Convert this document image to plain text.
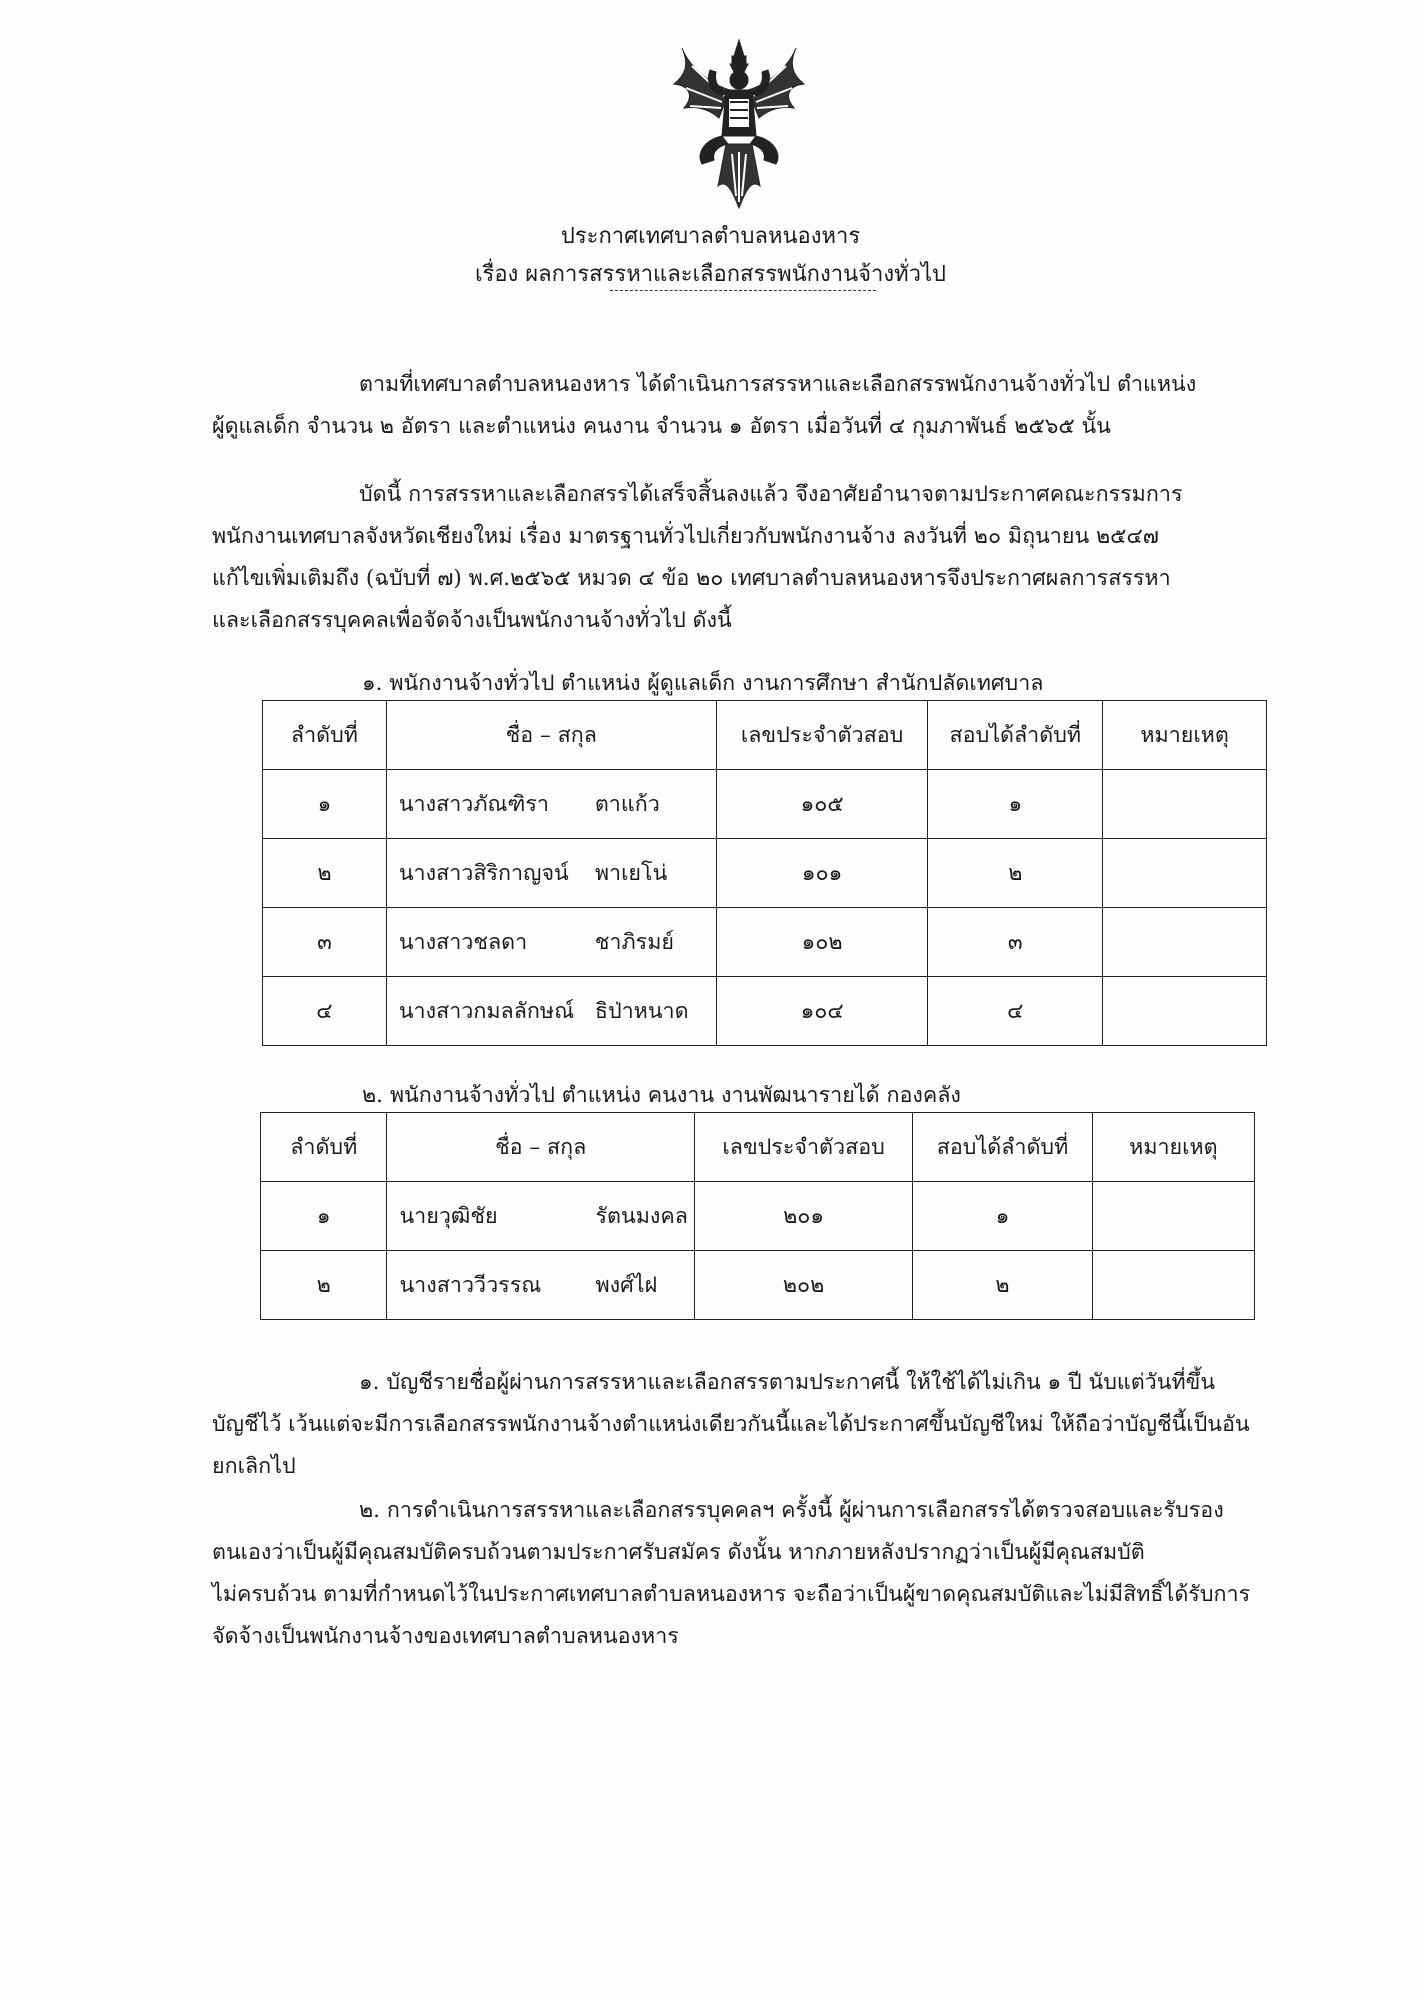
ประกาศเทศบาลตำบลหนองหาร
เรื่อง ผลการสรรหาและเลือกสรรพนักงานจ้างทั่วไป
ตามที่เทศบาลตำบลหนองหาร ได้ดำเนินการสรรหาและเลือกสรรพนักงานจ้างทั่วไป ตำแหน่ง
ผู้ดูแลเด็ก จำนวน ๒ อัตรา และตำแหน่ง คนงาน จำนวน ๑ อัตรา เมื่อวันที่ ๔ กุมภาพันธ์ ๒๕๖๕ นั้น
บัดนี้ การสรรหาและเลือกสรรได้เสร็จสิ้นลงแล้ว จึงอาศัยอำนาจตามประกาศคณะกรรมการ
พนักงานเทศบาลจังหวัดเชียงใหม่ เรื่อง มาตรฐานทั่วไปเกี่ยวกับพนักงานจ้าง ลงวันที่ ๒๐ มิถุนายน ๒๕๔๗
แก้ไขเพิ่มเติมถึง (ฉบับที่ ๗) พ.ศ.๒๕๖๕ หมวด ๔ ข้อ ๒๐ เทศบาลตำบลหนองหารจึงประกาศผลการสรรหา
และเลือกสรรบุคคลเพื่อจัดจ้างเป็นพนักงานจ้างทั่วไป ดังนี้
๑. พนักงานจ้างทั่วไป ตำแหน่ง ผู้ดูแลเด็ก งานการศึกษา สำนักปลัดเทศบาล
ลำดับที่	ชื่อ – สกุล	เลขประจำตัวสอบ	สอบได้ลำดับที่	หมายเหตุ
๑	นางสาวภัณฑิรา ตาแก้ว	๑๐๕	๑	
๒	นางสาวสิริกาญจน์ พาเยโน่	๑๐๑	๒	
๓	นางสาวชลดา ชาภิรมย์	๑๐๒	๓	
๔	นางสาวกมลลักษณ์ ธิป่าหนาด	๑๐๔	๔	
๒. พนักงานจ้างทั่วไป ตำแหน่ง คนงาน งานพัฒนารายได้ กองคลัง
ลำดับที่	ชื่อ – สกุล	เลขประจำตัวสอบ	สอบได้ลำดับที่	หมายเหตุ
๑	นายวุฒิชัย รัตนมงคล	๒๐๑	๑	
๒	นางสาววีวรรณ พงศ์ไฝ	๒๐๒	๒	
๑. บัญชีรายชื่อผู้ผ่านการสรรหาและเลือกสรรตามประกาศนี้ ให้ใช้ได้ไม่เกิน ๑ ปี นับแต่วันที่ขึ้น
บัญชีไว้ เว้นแต่จะมีการเลือกสรรพนักงานจ้างตำแหน่งเดียวกันนี้และได้ประกาศขึ้นบัญชีใหม่ ให้ถือว่าบัญชีนี้เป็นอัน
ยกเลิกไป
๒. การดำเนินการสรรหาและเลือกสรรบุคคลฯ ครั้งนี้ ผู้ผ่านการเลือกสรรได้ตรวจสอบและรับรอง
ตนเองว่าเป็นผู้มีคุณสมบัติครบถ้วนตามประกาศรับสมัคร ดังนั้น หากภายหลังปรากฏว่าเป็นผู้มีคุณสมบัติ
ไม่ครบถ้วน ตามที่กำหนดไว้ในประกาศเทศบาลตำบลหนองหาร จะถือว่าเป็นผู้ขาดคุณสมบัติและไม่มีสิทธิ์ได้รับการ
จัดจ้างเป็นพนักงานจ้างของเทศบาลตำบลหนองหาร
